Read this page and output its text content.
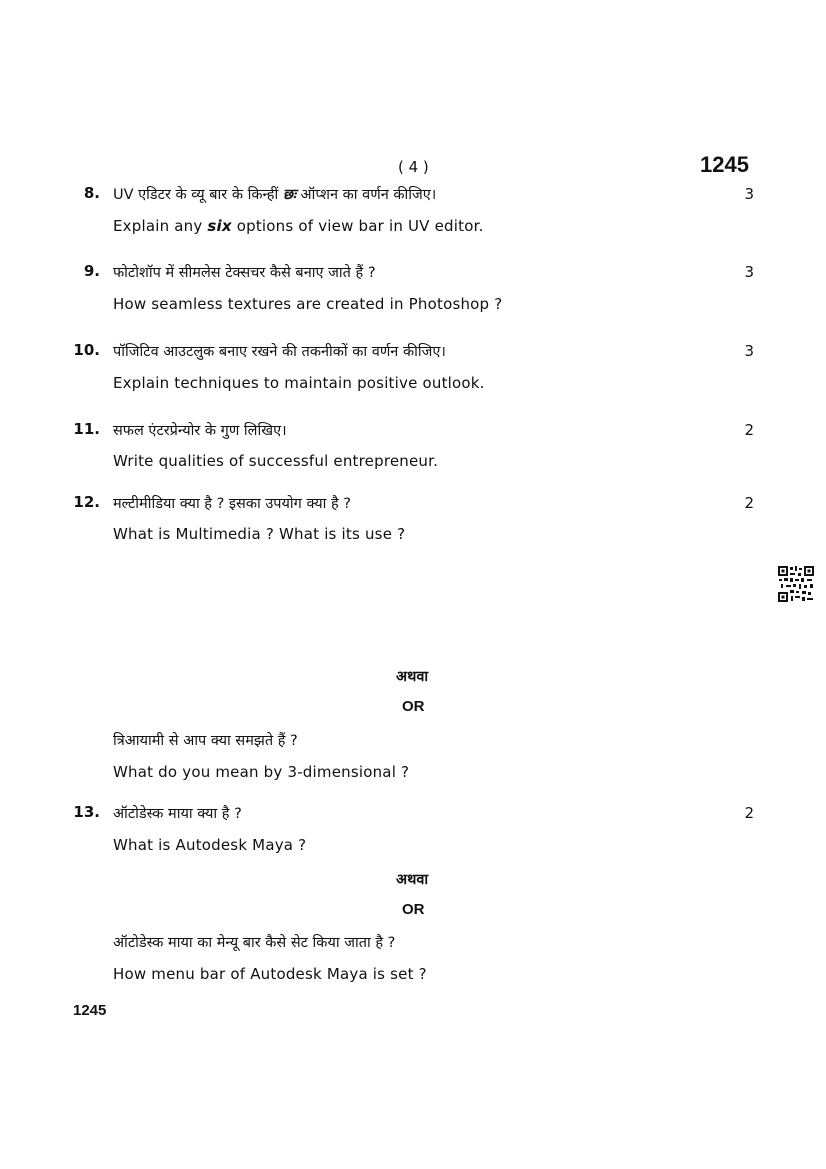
( 4 )	1245
8. UV एडिटर के व्यू बार के किन्हीं छः ऑप्शन का वर्णन कीजिए।	3
Explain any six options of view bar in UV editor.
9. फोटोशॉप में सीमलेस टेक्सचर कैसे बनाए जाते हैं ?	3
How seamless textures are created in Photoshop ?
10. पॉजिटिव आउटलुक बनाए रखने की तकनीकों का वर्णन कीजिए।	3
Explain techniques to maintain positive outlook.
11. सफल एंटरप्रेन्योर के गुण लिखिए।	2
Write qualities of successful entrepreneur.
12. मल्टीमीडिया क्या है ? इसका उपयोग क्या है ?	2
What is Multimedia ? What is its use ?
अथवा
OR
त्रिआयामी से आप क्या समझते हैं ?
What do you mean by 3-dimensional ?
13. ऑटोडेस्क माया क्या है ?	2
What is Autodesk Maya ?
अथवा
OR
ऑटोडेस्क माया का मेन्यू बार कैसे सेट किया जाता है ?
How menu bar of Autodesk Maya is set ?
1245
